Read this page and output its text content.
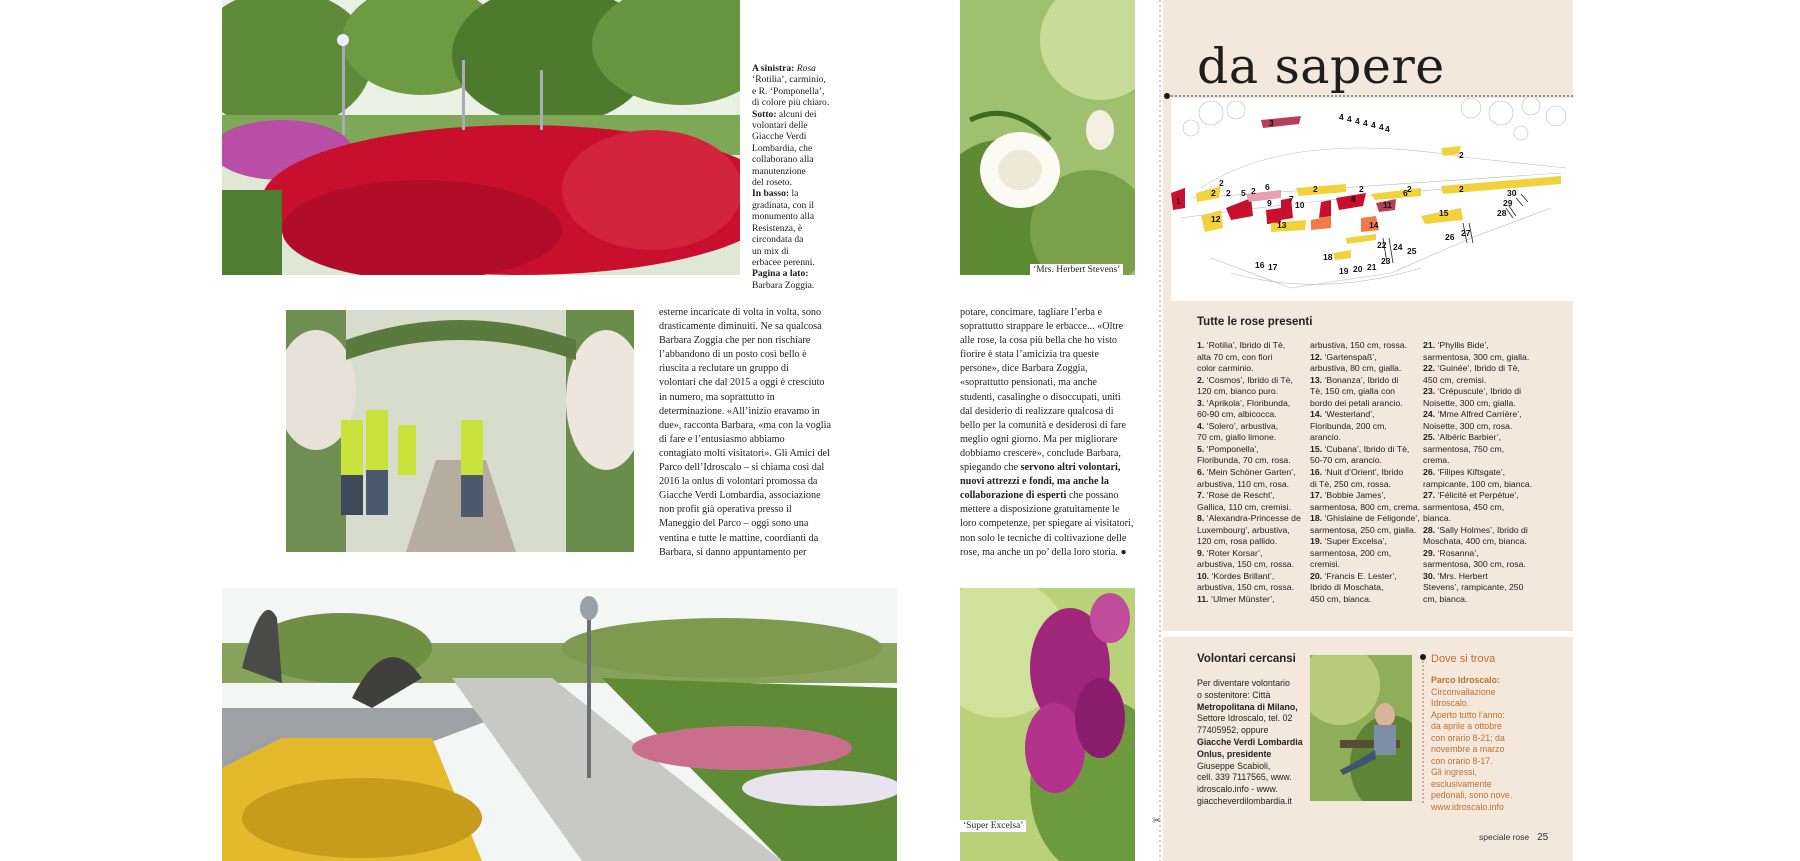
A sinistra: Rosa
‘Rotilia’, carminio,
e R. ‘Pomponella’,
di colore più chiaro.
Sotto: alcuni dei
volontari delle
Giacche Verdi
Lombardia, che
collaborano alla
manutenzione
del roseto.
In basso: la
gradinata, con il
monumento alla
Resistenza, è
circondata da
un mix di
erbacee perenni.
Pagina a lato:
Barbara Zoggia.
esterne incaricate di volta in volta, sono
drasticamente diminuiti. Ne sa qualcosa
Barbara Zoggia che per non rischiare
l’abbandono di un posto così bello è
riuscita a reclutare un gruppo di
volontari che dal 2015 a oggi è cresciuto
in numero, ma soprattutto in
determinazione. «All’inizio eravamo in
due», racconta Barbara, «ma con la voglia
di fare e l’entusiasmo abbiamo
contagiato molti visitatori». Gli Amici del
Parco dell’Idroscalo – si chiama così dal
2016 la onlus di volontari promossa da
Giacche Verdi Lombardia, associazione
non profit già operativa presso il
Maneggio del Parco – oggi sono una
ventina e tutte le mattine, coordianti da
Barbara, si danno appuntamento per
‘Mrs. Herbert Stevens’
potare, concimare, tagliare l’erba e
soprattutto strappare le erbacce... «Oltre
alle rose, la cosa più bella che ho visto
fiorire è stata l’amicizia tra queste
persone», dice Barbara Zoggia,
«soprattutto pensionati, ma anche
studenti, casalinghe o disoccupati, uniti
dal desiderio di realizzare qualcosa di
bello per la comunità e desiderosi di fare
meglio ogni giorno. Ma per migliorare
dobbiamo crescere», conclude Barbara,
spiegando che servono altri volontari,
nuovi attrezzi e fondi, ma anche la
collaborazione di esperti che possano
mettere a disposizione gratuitamente le
loro competenze, per spiegare ai visitatori,
non solo le tecniche di coltivazione delle
rose, ma anche un po’ della loro storia. ●
‘Super Excelsa’	✂
da sapere
1
2	2	2	2	2	2
2
2
2
3
4 4 4 4 4 4 4
5
6
6
7	8
9	10	11
12
13	14
15
16 17
18
19 20 21
22
23
24 25
26 27
28
29
30
Tutte le rose presenti
1. ‘Rotilia’, Ibrido di Tè,
alta 70 cm, con fiori
color carminio.
2. ‘Cosmos’, Ibrido di Tè,
120 cm, bianco puro.
3. ‘Aprikola’, Floribunda,
60-90 cm, albicocca.
4. ‘Solero’, arbustiva,
70 cm, giallo limone.
5. ‘Pomponella’,
Floribunda, 70 cm, rosa.
6. ‘Mein Schöner Garten’,
arbustiva, 110 cm, rosa.
7. ‘Rose de Rescht’,
Gallica, 110 cm, cremisi.
8. ‘Alexandra-Princesse de
Luxembourg’, arbustiva,
120 cm, rosa pallido.
9. ‘Roter Korsar’,
arbustiva, 150 cm, rossa.
10. ‘Kordes Brillant’,
arbustiva, 150 cm, rossa.
11. ‘Ulmer Münster’,
arbustiva, 150 cm, rossa.
12. ‘Gartenspaß’,
arbustiva, 80 cm, gialla.
13. ‘Bonanza’, Ibrido di
Tè, 150 cm, gialla con
bordo dei petali arancio.
14. ‘Westerland’,
Floribunda, 200 cm,
arancio.
15. ‘Cubana’, Ibrido di Tè,
50-70 cm, arancio.
16. ‘Nuit d’Orient’, Ibrido
di Tè, 250 cm, rossa.
17. ‘Bobbie James’,
sarmentosa, 800 cm, crema.
18. ‘Ghislaine de Feligonde’,
sarmentosa, 250 cm, gialla.
19. ‘Super Excelsa’,
sarmentosa, 200 cm,
cremisi.
20. ‘Francis E. Lester’,
Ibrido di Moschata,
450 cm, bianca.
21. ‘Phyllis Bide’,
sarmentosa, 300 cm, gialla.
22. ‘Guinée’, Ibrido di Tè,
450 cm, cremisi.
23. ‘Crépuscule’, Ibrido di
Noisette, 300 cm, gialla.
24. ‘Mme Alfred Carrière’,
Noisette, 300 cm, rosa.
25. ‘Albéric Barbier’,
sarmentosa, 750 cm,
crema.
26. ‘Filipes Kiftsgate’,
rampicante, 100 cm, bianca.
27. ‘Félicité et Perpétue’,
sarmentosa, 450 cm,
bianca.
28. ‘Sally Holmes’, Ibrido di
Moschata, 400 cm, bianca.
29. ‘Rosanna’,
sarmentosa, 300 cm, rosa.
30. ‘Mrs. Herbert
Stevens’, rampicante, 250
cm, bianca.
Volontari cercansi
Per diventare volontario
o sostenitore: Città
Metropolitana di Milano,
Settore Idroscalo, tel. 02
77405952, oppure
Giacche Verdi Lombardia
Onlus, presidente
Giuseppe Scabioli,
cell. 339 7117565, www.
idroscalo.info - www.
giaccheverdilombardia.it
Dove si trova
Parco Idroscalo:
Circonvallazione
Idroscalo.
Aperto tutto l’anno:
da aprile a ottobre
con orario 8-21; da
novembre a marzo
con orario 8-17.
Gli ingressi,
esclusivamente
pedonali, sono nove.
www.idroscalo.info
speciale rose 25
